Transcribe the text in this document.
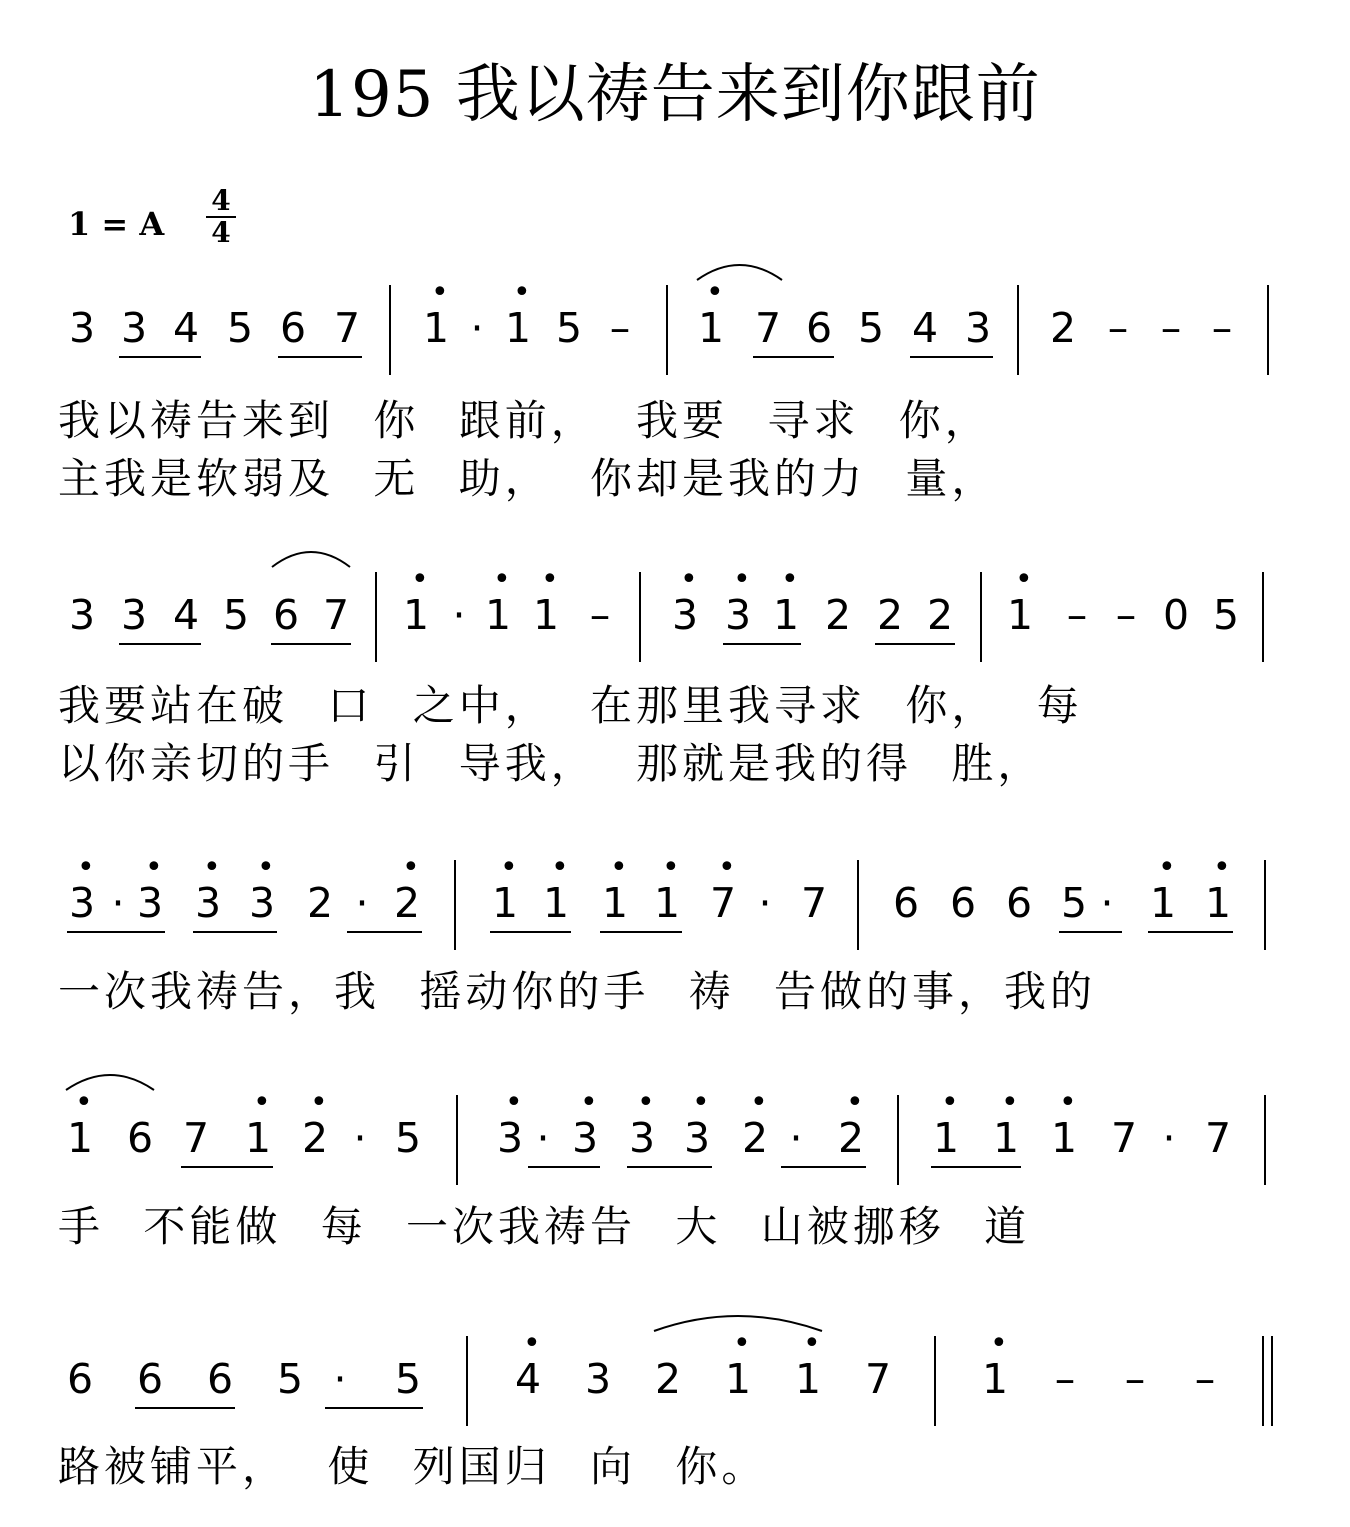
195 我以祷告来到你跟前
1 = A
4
4
3 3 4 5 6 7 1
•
· 1
•
5 – 1
•
7 6 5 4 3 2 – – –
3 3 4 5 6 7 1
•
· 1
•
1
•
– 3
•
3
•
1
•
2 2 2 1
•
– – 0 5
3
•
· 3
•
3
•
3
•
2 · 2
•
1
•
1
•
1
•
1
•
7
•
· 7 6 6 6 5 · 1
•
1
•
1
•
6 7 1
•
2
•
· 5 3
•
· 3
•
3
•
3
•
2
•
· 2
•
1
•
1
•
1
•
7 · 7
6 6 6 5 · 5 4
•
3 2 1
•
1
•
7 1
•
– – –
我以祷告来到 你 跟前， 我要 寻求 你，
主我是软弱及 无 助， 你却是我的力 量，
我要站在破 口 之中， 在那里我寻求 你， 每
以你亲切的手 引 导我， 那就是我的得 胜，
一次我祷告，我 摇动你的手 祷 告做的事，我的
手 不能做 每 一次我祷告 大 山被挪移 道
路被铺平， 使 列国归 向 你。
